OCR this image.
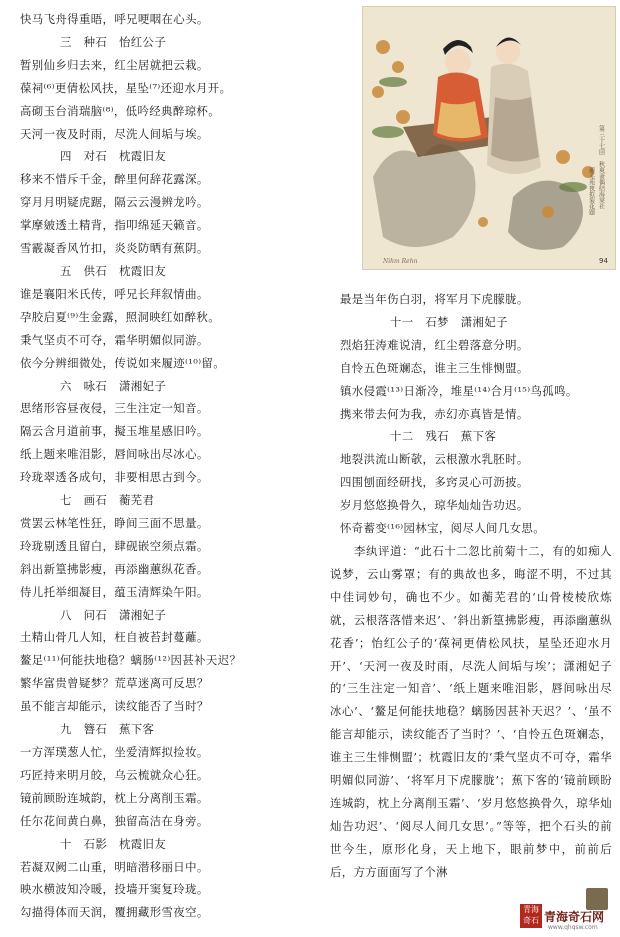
快马飞舟得重晤，呼兄哽咽在心头。
三　种石　怡红公子
暂别仙乡归去来，红尘居就把云栽。
葆祠⁽⁶⁾更倩松风扶，星坠⁽⁷⁾还迎水月开。
高砌玉台消瑞脑⁽⁸⁾，低吟经典醉琼杯。
天河一夜及时雨，尽洗人间垢与埃。
四　对石　枕霞旧友
移来不惜斥千金，醉里何辞花露深。
穿月月明疑虎踞，隔云云漫辨龙吟。
掌摩皴透土精背，指叩绵延天籁音。
雪霰凝香风竹扣，炎炎防晒有蕉阴。
五　供石　枕霞旧友
谁是襄阳米氏传，呼兄长拜叙情曲。
孕胶启夏⁽⁹⁾生金露，照洞映红如醉秋。
秉气坚贞不可夺，霜华明媚似同游。
依今分辨细微处，传说如来履迹⁽¹⁰⁾留。
六　咏石　潇湘妃子
思绪形容昼夜侵，三生注定一知音。
隔云含月道前事，擬玉堆星感旧吟。
纸上题来唯泪影，唇间咏出尽冰心。
玲珑翠透各成句，非要相思古到今。
七　画石　蘅芜君
赏罢云林笔性狂，睁间三面不思量。
玲珑剔透且留白，肆砚嵌空须点霜。
斜出新篁拂影瘦，再添幽蕙纵花香。
侍儿托举细凝目，蕴玉清辉染午阳。
八　问石　潇湘妃子
土精山骨几人知，枉自被苔封蔓蘺。
鳌足⁽¹¹⁾何能扶地稳？螭肠⁽¹²⁾因甚补天迟？
繁华富贵曾疑梦？荒草迷离可反思？
虽不能言却能示，读纹能否了当时？
九　簪石　蕉下客
一方浑璞葱人忙，坐爱清辉拟捡妆。
巧匠持来明月皎，乌云梳就众心狂。
镜前顾盼连城韵，枕上分离削玉霜。
任尔花间黄白鼻，独留高洁在身旁。
十　石影　枕霞旧友
若凝双阙二山重，明暗潜移丽日中。
映水横波知冷暖，投墙开窦复玲珑。
勾描得体而天润，覆拥藏形雪夜空。
第三十七回　秋爽斋偶结海棠社
蘅芜苑夜拟菊花题
Nihm Rehn	94
最是当年伤白羽，将军月下虎朦胧。
十一　石梦　潇湘妃子
烈焰狂涛难说清，红尘碧落意分明。
自怜五色斑斓态，谁主三生悱恻盟。
镇水侵霞⁽¹³⁾日渐冷，堆星⁽¹⁴⁾合月⁽¹⁵⁾鸟孤鸣。
携来带去何为我，赤幻亦真皆是情。
十二　残石　蕉下客
地裂洪流山断欹，云根激水乳胚时。
四围刨面经研找，多窍灵心可沥披。
岁月悠悠换骨久，琼华灿灿告功迟。
怀奇蓄变⁽¹⁶⁾园林宝，阅尽人间几女思。
　　李纨评道：“此石十二忽比前菊十二，有的如痴人说梦，云山雾罩；有的典故也多，晦涩不明，不过其中佳词妙句，确也不少。如蘅芜君的‘山骨棱棱欣炼就，云根落落惜来迟’、‘斜出新篁拂影瘦，再添幽蕙纵花香’；怡红公子的‘葆祠更倩松风扶，星坠还迎水月开’、‘天河一夜及时雨，尽洗人间垢与埃’；潇湘妃子的‘三生注定一知音’、‘纸上题来唯泪影，唇间咏出尽冰心’、‘鳌足何能扶地稳？螭肠因甚补天迟？’、‘虽不能言却能示，读纹能否了当时？’、‘自怜五色斑斓态，谁主三生悱恻盟’；枕霞旧友的‘秉气坚贞不可夺，霜华明媚似同游’、‘将军月下虎朦胧’；蕉下客的‘镜前顾盼连城韵，枕上分离削玉霜’、‘岁月悠悠换骨久，琼华灿灿告功迟’、‘阅尽人间几女思’。”等等，把个石头的前世今生，原形化身，天上地下，眼前梦中，前前后后，方方面面写了个淋
青海奇石 青海奇石网
www.qhqsw.com
